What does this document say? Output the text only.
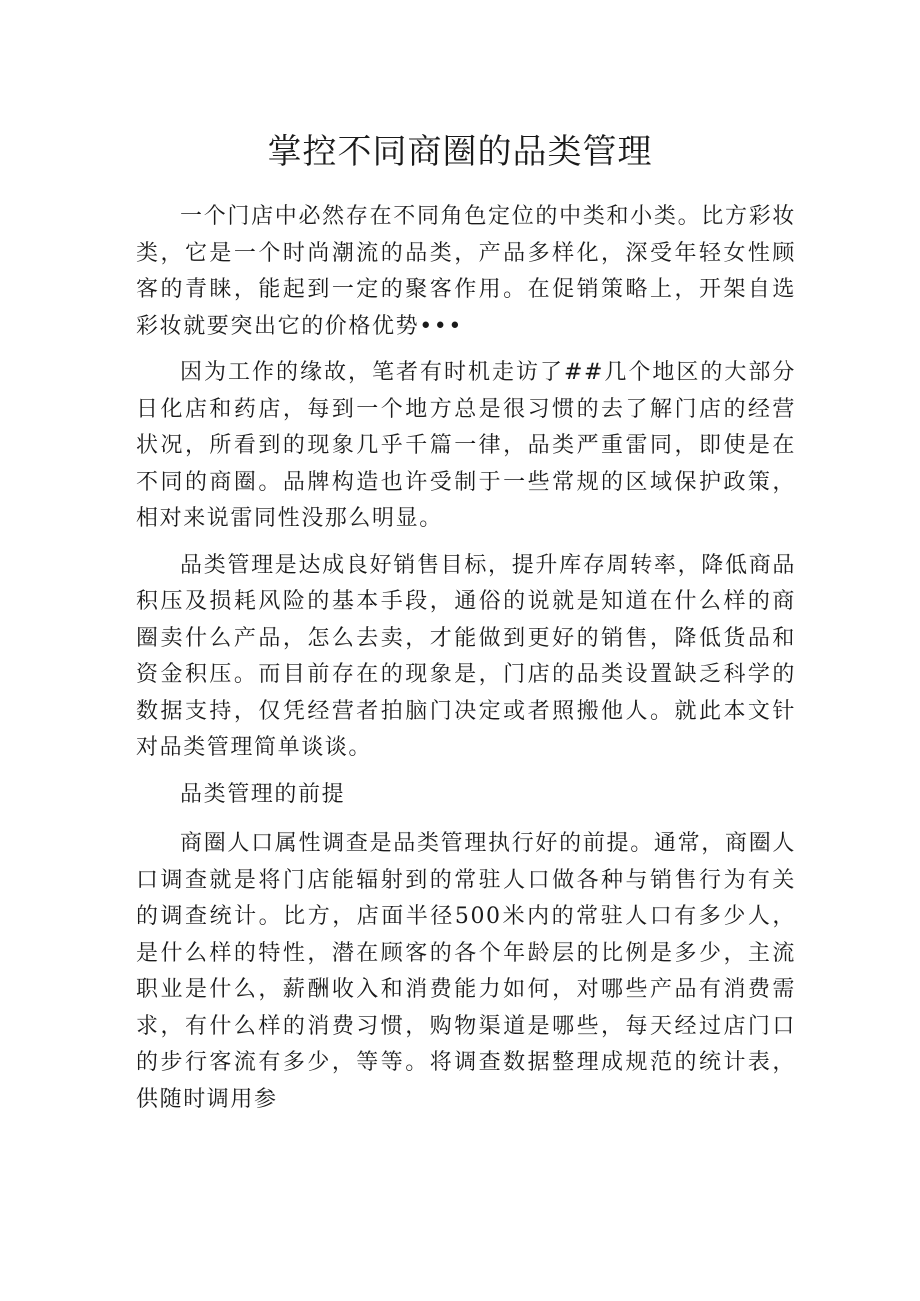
掌控不同商圈的品类管理

一个门店中必然存在不同角色定位的中类和小类。比方彩妆类，它是一个时尚潮流的品类，产品多样化，深受年轻女性顾客的青睐，能起到一定的聚客作用。在促销策略上，开架自选彩妆就要突出它的价格优势•••

因为工作的缘故，笔者有时机走访了##几个地区的大部分日化店和药店，每到一个地方总是很习惯的去了解门店的经营状况，所看到的现象几乎千篇一律，品类严重雷同，即使是在不同的商圈。品牌构造也许受制于一些常规的区域保护政策，相对来说雷同性没那么明显。

品类管理是达成良好销售目标，提升库存周转率，降低商品积压及损耗风险的基本手段，通俗的说就是知道在什么样的商圈卖什么产品，怎么去卖，才能做到更好的销售，降低货品和资金积压。而目前存在的现象是，门店的品类设置缺乏科学的数据支持，仅凭经营者拍脑门决定或者照搬他人。就此本文针对品类管理简单谈谈。

品类管理的前提

商圈人口属性调查是品类管理执行好的前提。通常，商圈人口调查就是将门店能辐射到的常驻人口做各种与销售行为有关的调查统计。比方，店面半径500米内的常驻人口有多少人，是什么样的特性，潜在顾客的各个年龄层的比例是多少，主流职业是什么，薪酬收入和消费能力如何，对哪些产品有消费需求，有什么样的消费习惯，购物渠道是哪些，每天经过店门口的步行客流有多少，等等。将调查数据整理成规范的统计表，供随时调用参
